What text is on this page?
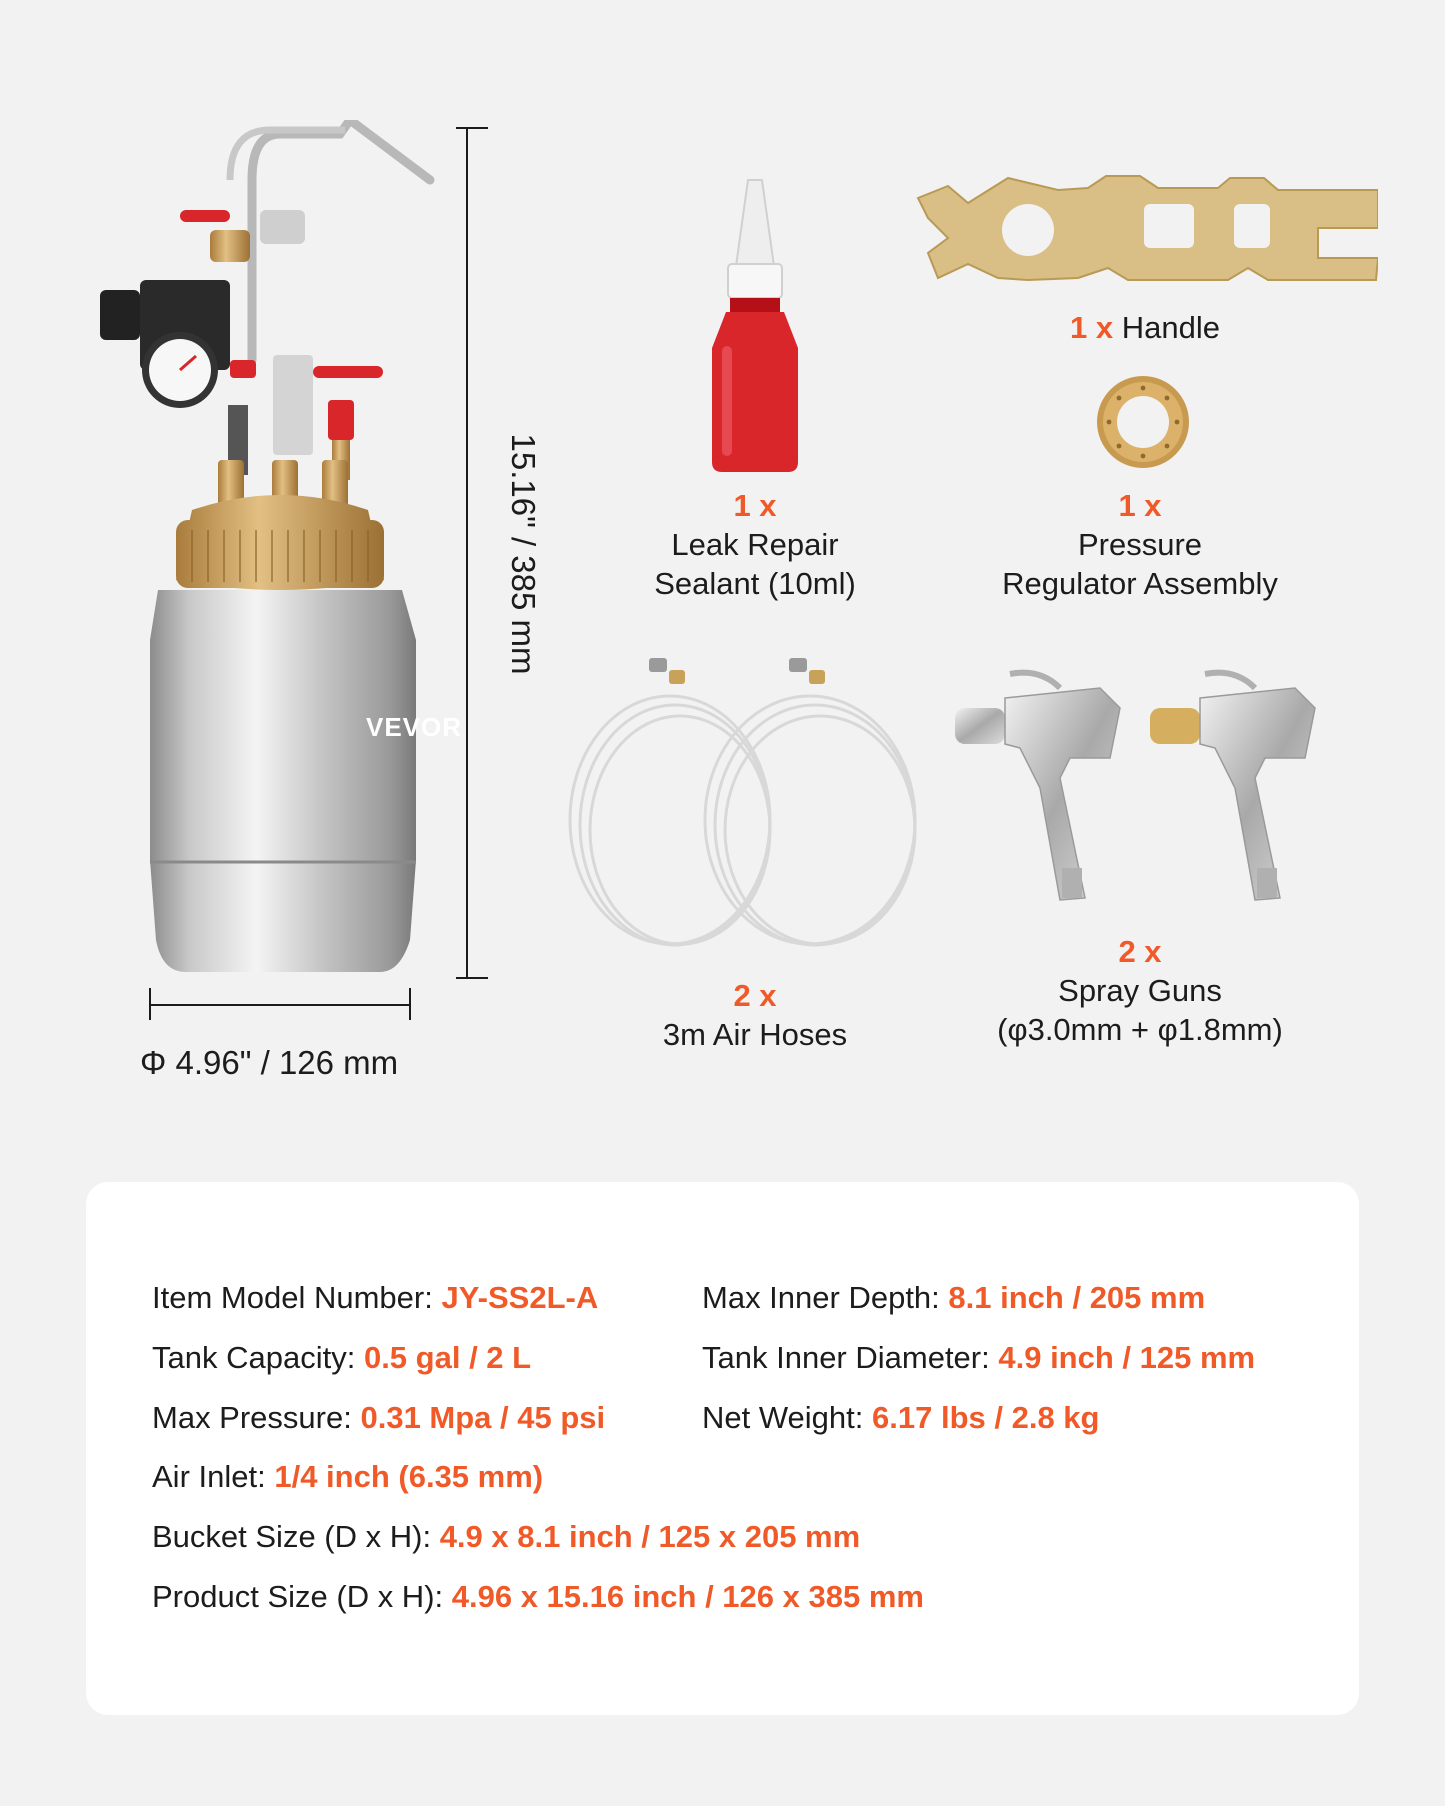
VEVOR
15.16" / 385 mm
Φ 4.96" / 126 mm
1 x Handle
1 x
Leak Repair
Sealant (10ml)
1 x
Pressure
Regulator Assembly
2 x
3m Air Hoses
2 x
Spray Guns
(φ3.0mm + φ1.8mm)
Item Model Number: JY-SS2L-A
Tank Capacity: 0.5 gal / 2 L
Max Pressure: 0.31 Mpa / 45 psi
Air Inlet: 1/4 inch (6.35 mm)
Bucket Size (D x H): 4.9 x 8.1 inch / 125 x 205 mm
Product Size (D x H): 4.96 x 15.16 inch / 126 x 385 mm
Max Inner Depth: 8.1 inch / 205 mm
Tank Inner Diameter: 4.9 inch / 125 mm
Net Weight: 6.17 lbs / 2.8 kg
